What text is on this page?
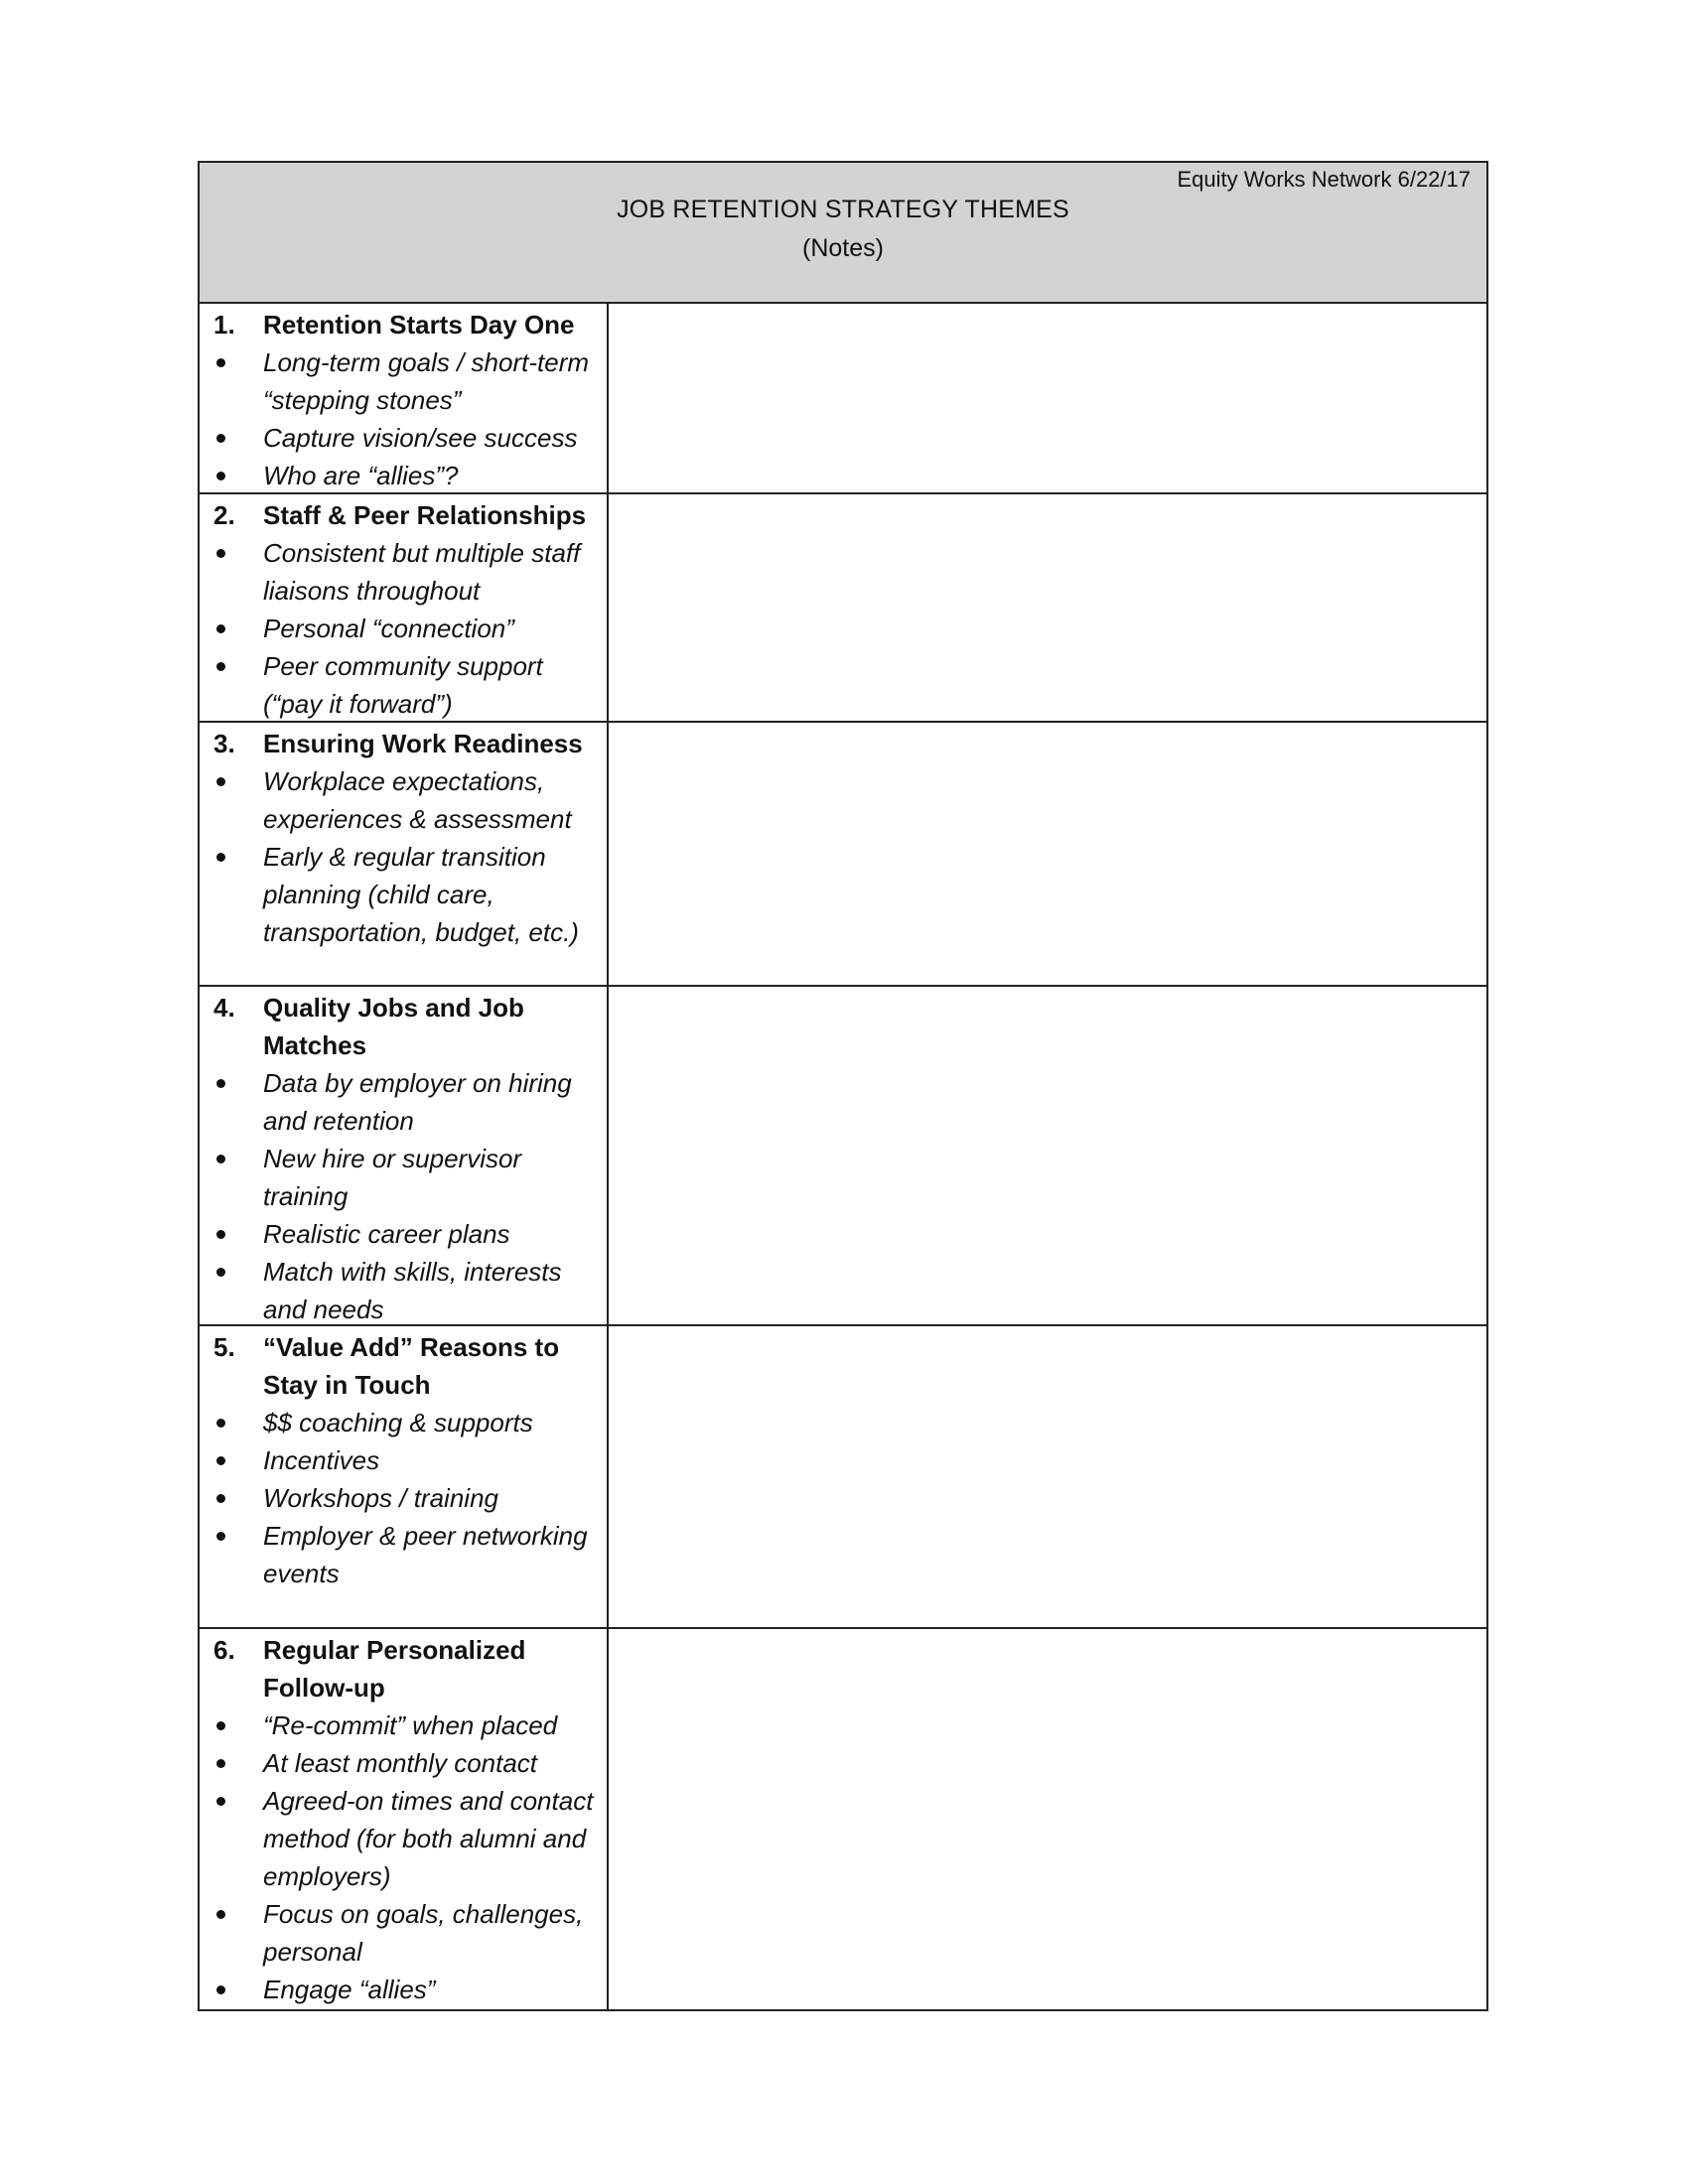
Equity Works Network 6/22/17
JOB RETENTION STRATEGY THEMES
(Notes)
1.	Retention Starts Day One
Long-term goals / short-term “stepping stones”
Capture vision/see success
Who are “allies”?
2.	Staff & Peer Relationships
Consistent but multiple staff liaisons throughout
Personal “connection”
Peer community support (“pay it forward”)
3.	Ensuring Work Readiness
Workplace expectations, experiences & assessment
Early & regular transition planning (child care, transportation, budget, etc.)
4.	Quality Jobs and Job Matches
Data by employer on hiring and retention
New hire or supervisor training
Realistic career plans
Match with skills, interests and needs
5.	“Value Add” Reasons to Stay in Touch
$$ coaching & supports
Incentives
Workshops / training
Employer & peer networking events
6.	Regular Personalized Follow-up
“Re-commit” when placed
At least monthly contact
Agreed-on times and contact method (for both alumni and employers)
Focus on goals, challenges, personal
Engage “allies”
